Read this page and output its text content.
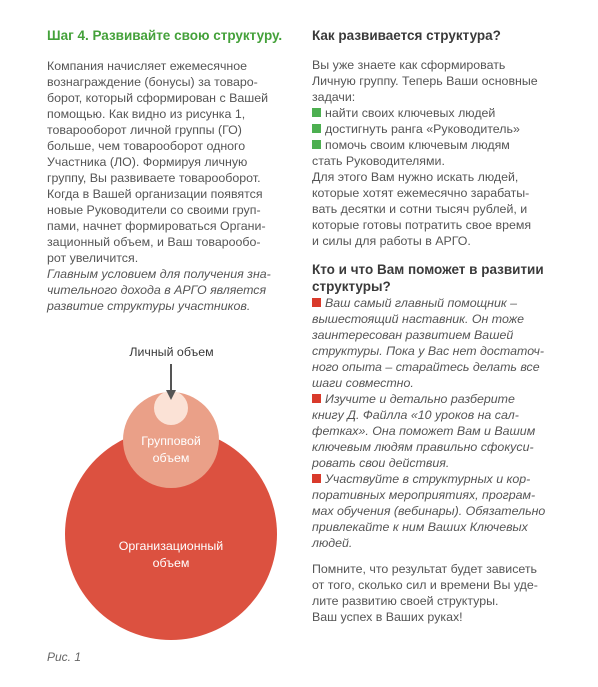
Шаг 4. Развивайте свою структуру.
Компания начисляет ежемесячное
вознаграждение (бонусы) за товаро-
борот, который сформирован с Вашей
помощью. Как видно из рисунка 1,
товарооборот личной группы (ГО)
больше, чем товарооборот одного
Участника (ЛО). Формируя личную
группу, Вы развиваете товарооборот.
Когда в Вашей организации появятся
новые Руководители со своими груп-
пами, начнет формироваться Органи-
зационный объем, и Ваш товарообо-
рот увеличится.
Главным условием для получения зна-
чительного дохода в АРГО является
развитие структуры участников.
Личный объем
Групповой
объем
Организационный
объем
Рис. 1
Как развивается структура?
Вы уже знаете как сформировать
Личную группу. Теперь Ваши основные
задачи:
найти своих ключевых людей
достигнуть ранга «Руководитель»
помочь своим ключевым людям
стать Руководителями.
Для этого Вам нужно искать людей,
которые хотят ежемесячно зарабаты-
вать десятки и сотни тысяч рублей, и
которые готовы потратить свое время
и силы для работы в АРГО.
Кто и что Вам поможет в развитии
структуры?
Ваш самый главный помощник –
вышестоящий наставник. Он тоже
заинтересован развитием Вашей
структуры. Пока у Вас нет достаточ-
ного опыта – старайтесь делать все
шаги совместно.
Изучите и детально разберите
книгу Д. Файлла «10 уроков на сал-
фетках». Она поможет Вам и Вашим
ключевым людям правильно сфокуси-
ровать свои действия.
Участвуйте в структурных и кор-
поративных мероприятиях, програм-
мах обучения (вебинары). Обязательно
привлекайте к ним Ваших Ключевых
людей.
Помните, что результат будет зависеть
от того, сколько сил и времени Вы уде-
лите развитию своей структуры.
Ваш успех в Ваших руках!
